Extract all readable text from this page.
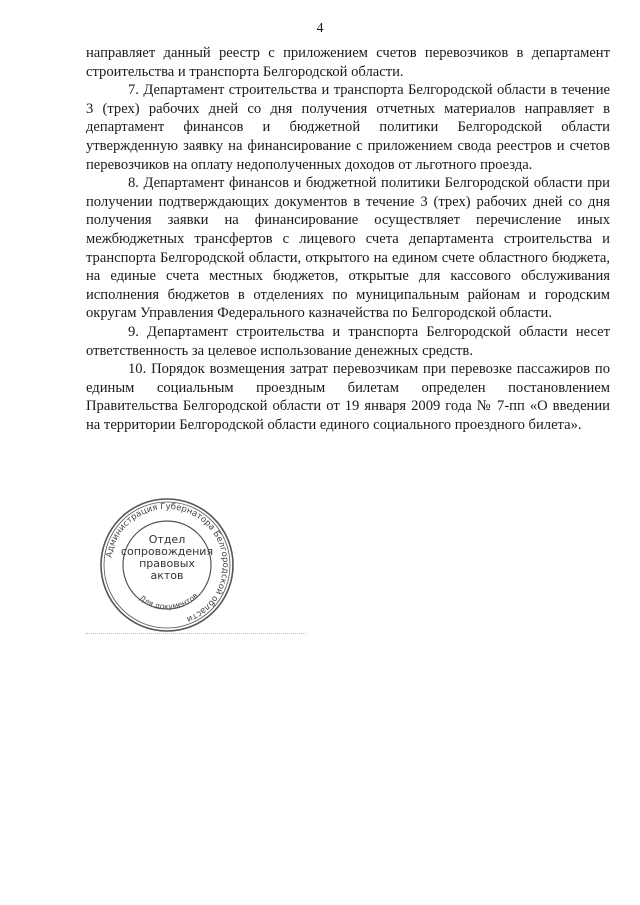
4

направляет данный реестр с приложением счетов перевозчиков в департамент строительства и транспорта Белгородской области.

7. Департамент строительства и транспорта Белгородской области в течение 3 (трех) рабочих дней со дня получения отчетных материалов направляет в департамент финансов и бюджетной политики Белгородской области утвержденную заявку на финансирование с приложением свода реестров и счетов перевозчиков на оплату недополученных доходов от льготного проезда.

8. Департамент финансов и бюджетной политики Белгородской области при получении подтверждающих документов в течение 3 (трех) рабочих дней со дня получения заявки на финансирование осуществляет перечисление иных межбюджетных трансфертов с лицевого счета департамента строительства и транспорта Белгородской области, открытого на едином счете областного бюджета, на единые счета местных бюджетов, открытые для кассового обслуживания исполнения бюджетов в отделениях по муниципальным районам и городским округам Управления Федерального казначейства по Белгородской области.

9. Департамент строительства и транспорта Белгородской области несет ответственность за целевое использование денежных средств.

10. Порядок возмещения затрат перевозчикам при перевозке пассажиров по единым социальным проездным билетам определен постановлением Правительства Белгородской области от 19 января 2009 года № 7-пп «О введении на территории Белгородской области единого социального проездного билета».

Администрация Губернатора Белгородской области
Для документов
Отдел
сопровождения
правовых
актов
